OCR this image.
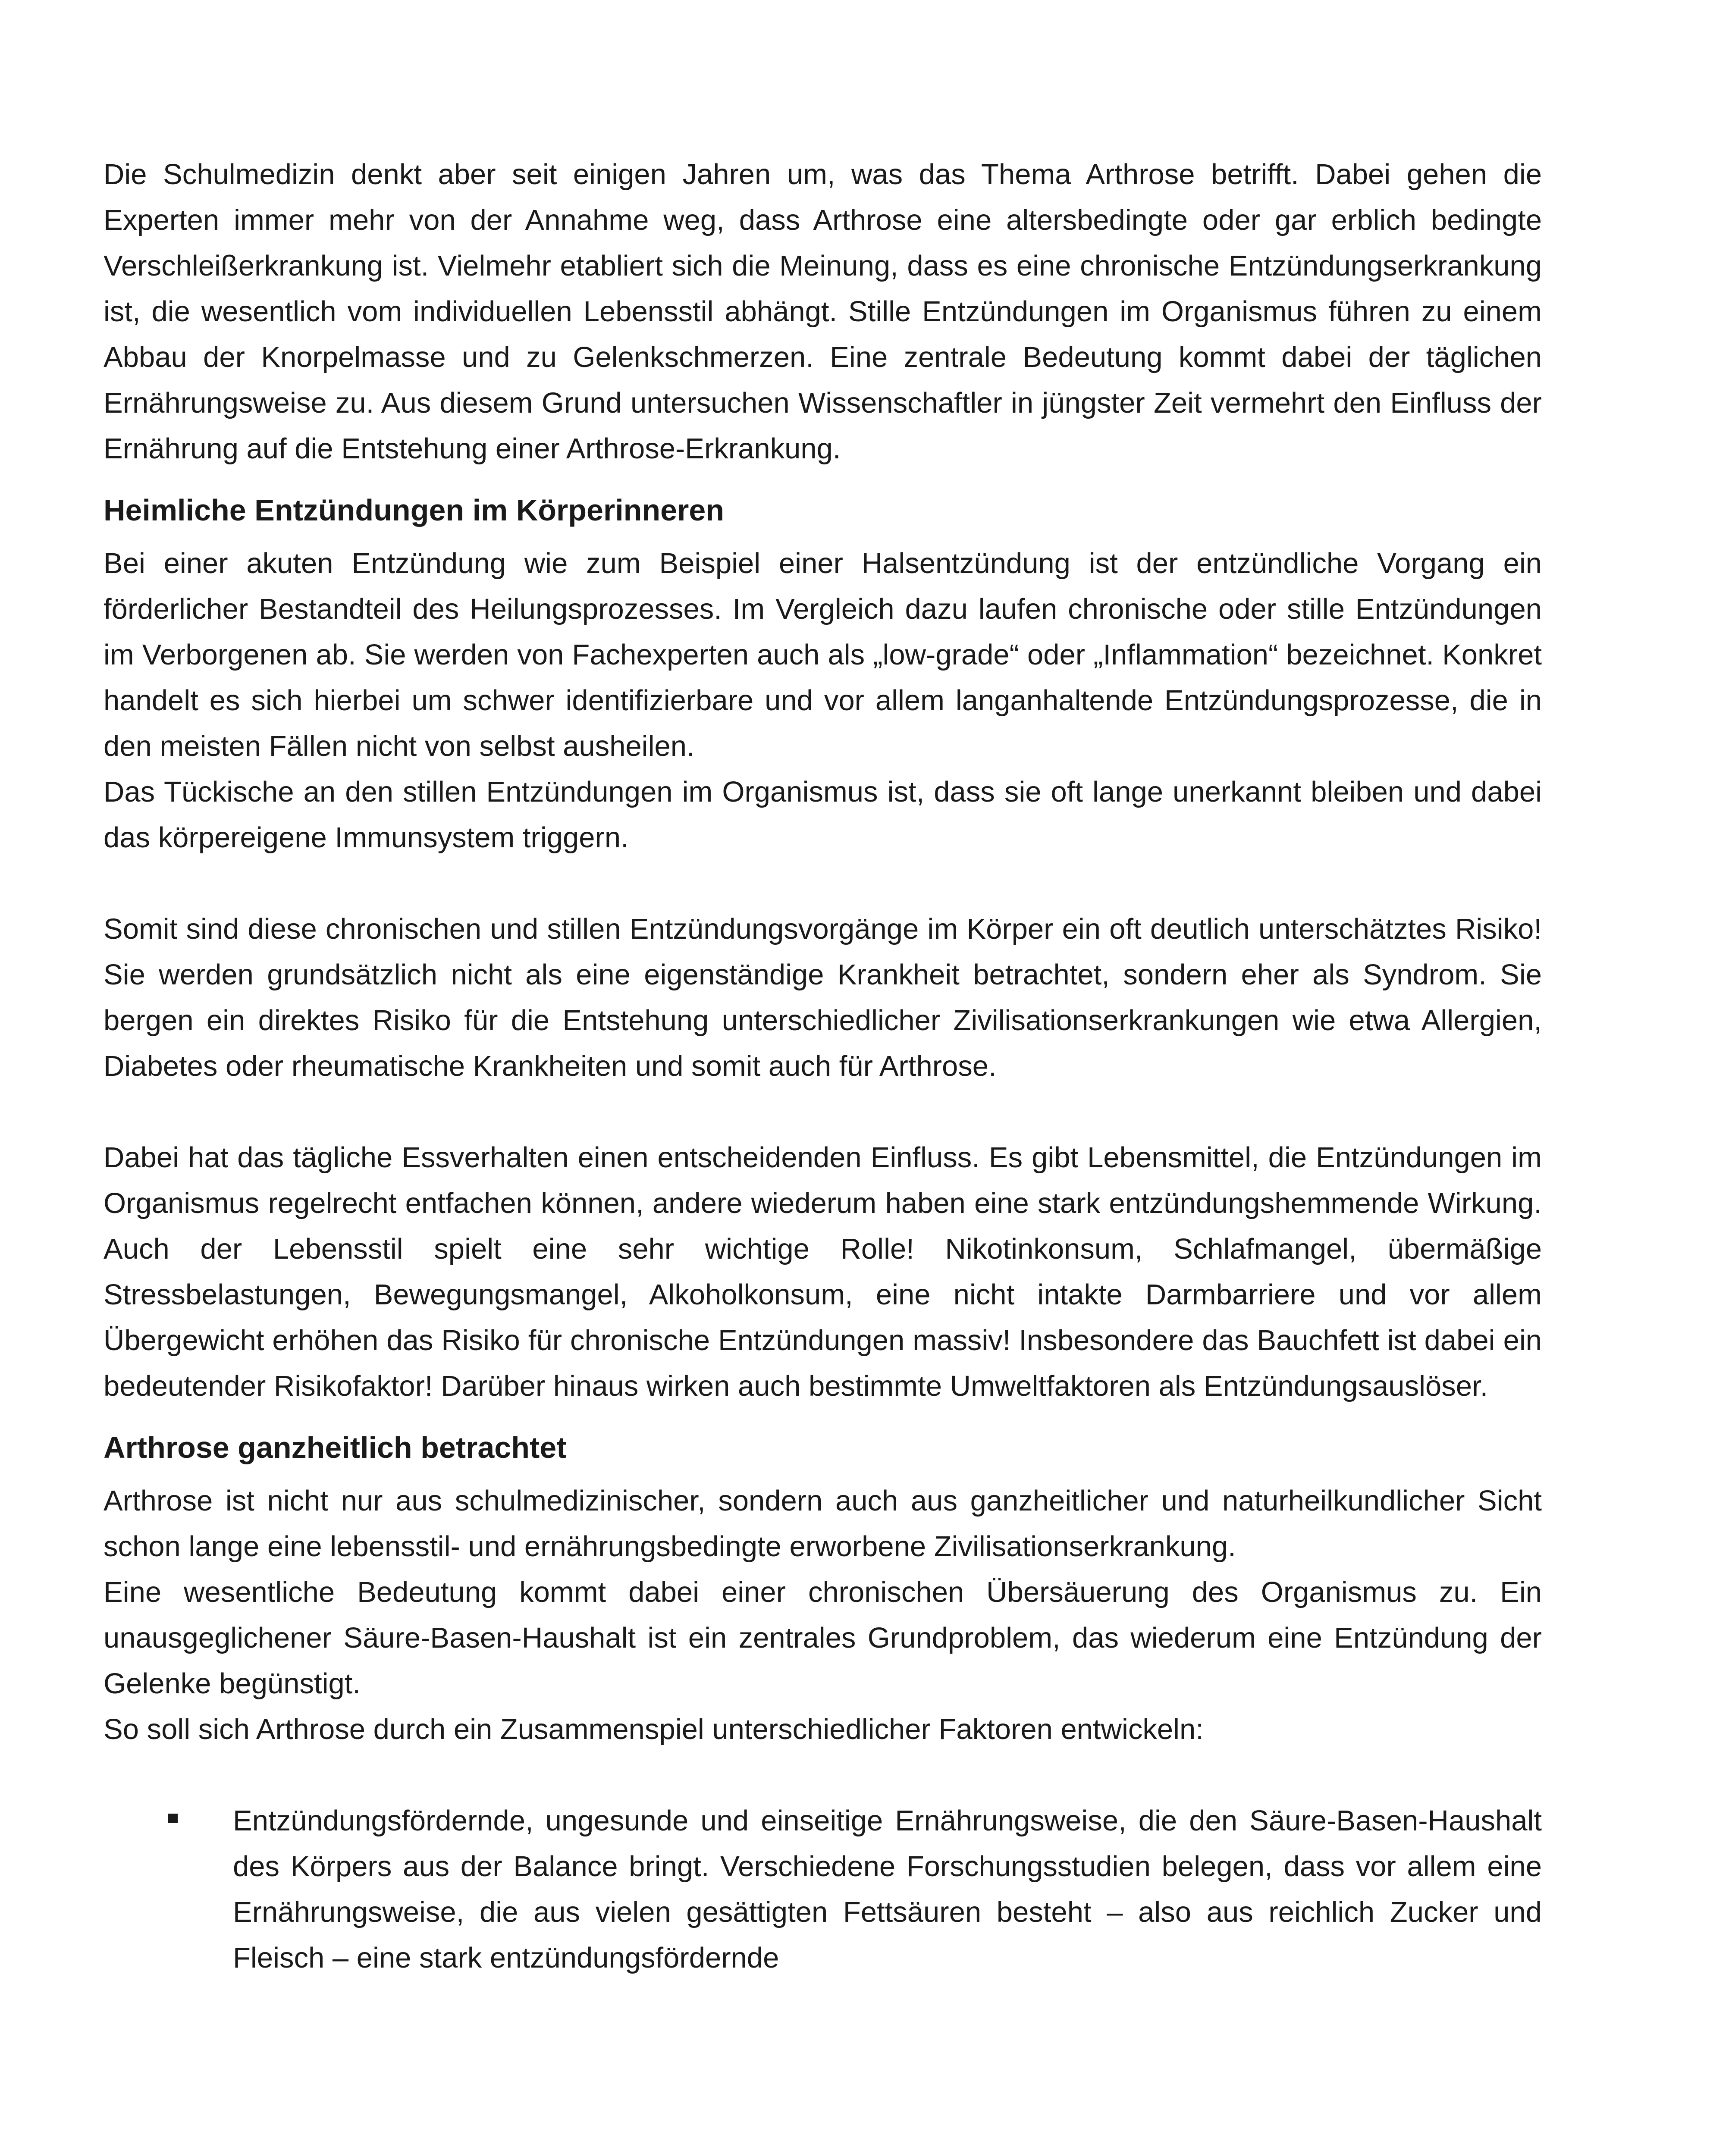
Die Schulmedizin denkt aber seit einigen Jahren um, was das Thema Arthrose betrifft. Dabei gehen die Experten immer mehr von der Annahme weg, dass Arthrose eine altersbedingte oder gar erblich bedingte Verschleißerkrankung ist. Vielmehr etabliert sich die Meinung, dass es eine chronische Entzündungserkrankung ist, die wesentlich vom individuellen Lebensstil abhängt. Stille Entzündungen im Organismus führen zu einem Abbau der Knorpelmasse und zu Gelenkschmerzen. Eine zentrale Bedeutung kommt dabei der täglichen Ernährungsweise zu. Aus diesem Grund untersuchen Wissenschaftler in jüngster Zeit vermehrt den Einfluss der Ernährung auf die Entstehung einer Arthrose-Erkrankung.

Heimliche Entzündungen im Körperinneren

Bei einer akuten Entzündung wie zum Beispiel einer Halsentzündung ist der entzündliche Vorgang ein förderlicher Bestandteil des Heilungsprozesses. Im Vergleich dazu laufen chronische oder stille Entzündungen im Verborgenen ab. Sie werden von Fachexperten auch als „low-grade“ oder „Inflammation“ bezeichnet. Konkret handelt es sich hierbei um schwer identifizierbare und vor allem langanhaltende Entzündungsprozesse, die in den meisten Fällen nicht von selbst ausheilen.

Das Tückische an den stillen Entzündungen im Organismus ist, dass sie oft lange unerkannt bleiben und dabei das körpereigene Immunsystem triggern.

Somit sind diese chronischen und stillen Entzündungsvorgänge im Körper ein oft deutlich unterschätztes Risiko! Sie werden grundsätzlich nicht als eine eigenständige Krankheit betrachtet, sondern eher als Syndrom. Sie bergen ein direktes Risiko für die Entstehung unterschiedlicher Zivilisationserkrankungen wie etwa Allergien, Diabetes oder rheumatische Krankheiten und somit auch für Arthrose.

Dabei hat das tägliche Essverhalten einen entscheidenden Einfluss. Es gibt Lebensmittel, die Entzündungen im Organismus regelrecht entfachen können, andere wiederum haben eine stark entzündungshemmende Wirkung. Auch der Lebensstil spielt eine sehr wichtige Rolle! Nikotinkonsum, Schlafmangel, übermäßige Stressbelastungen, Bewegungsmangel, Alkoholkonsum, eine nicht intakte Darmbarriere und vor allem Übergewicht erhöhen das Risiko für chronische Entzündungen massiv! Insbesondere das Bauchfett ist dabei ein bedeutender Risikofaktor! Darüber hinaus wirken auch bestimmte Umweltfaktoren als Entzündungsauslöser.

Arthrose ganzheitlich betrachtet

Arthrose ist nicht nur aus schulmedizinischer, sondern auch aus ganzheitlicher und naturheilkundlicher Sicht schon lange eine lebensstil- und ernährungsbedingte erworbene Zivilisationserkrankung.

Eine wesentliche Bedeutung kommt dabei einer chronischen Übersäuerung des Organismus zu. Ein unausgeglichener Säure-Basen-Haushalt ist ein zentrales Grundproblem, das wiederum eine Entzündung der Gelenke begünstigt.

So soll sich Arthrose durch ein Zusammenspiel unterschiedlicher Faktoren entwickeln:

Entzündungsfördernde, ungesunde und einseitige Ernährungsweise, die den Säure-Basen-Haushalt des Körpers aus der Balance bringt. Verschiedene Forschungsstudien belegen, dass vor allem eine Ernährungsweise, die aus vielen gesättigten Fettsäuren besteht – also aus reichlich Zucker und Fleisch – eine stark entzündungsfördernde
